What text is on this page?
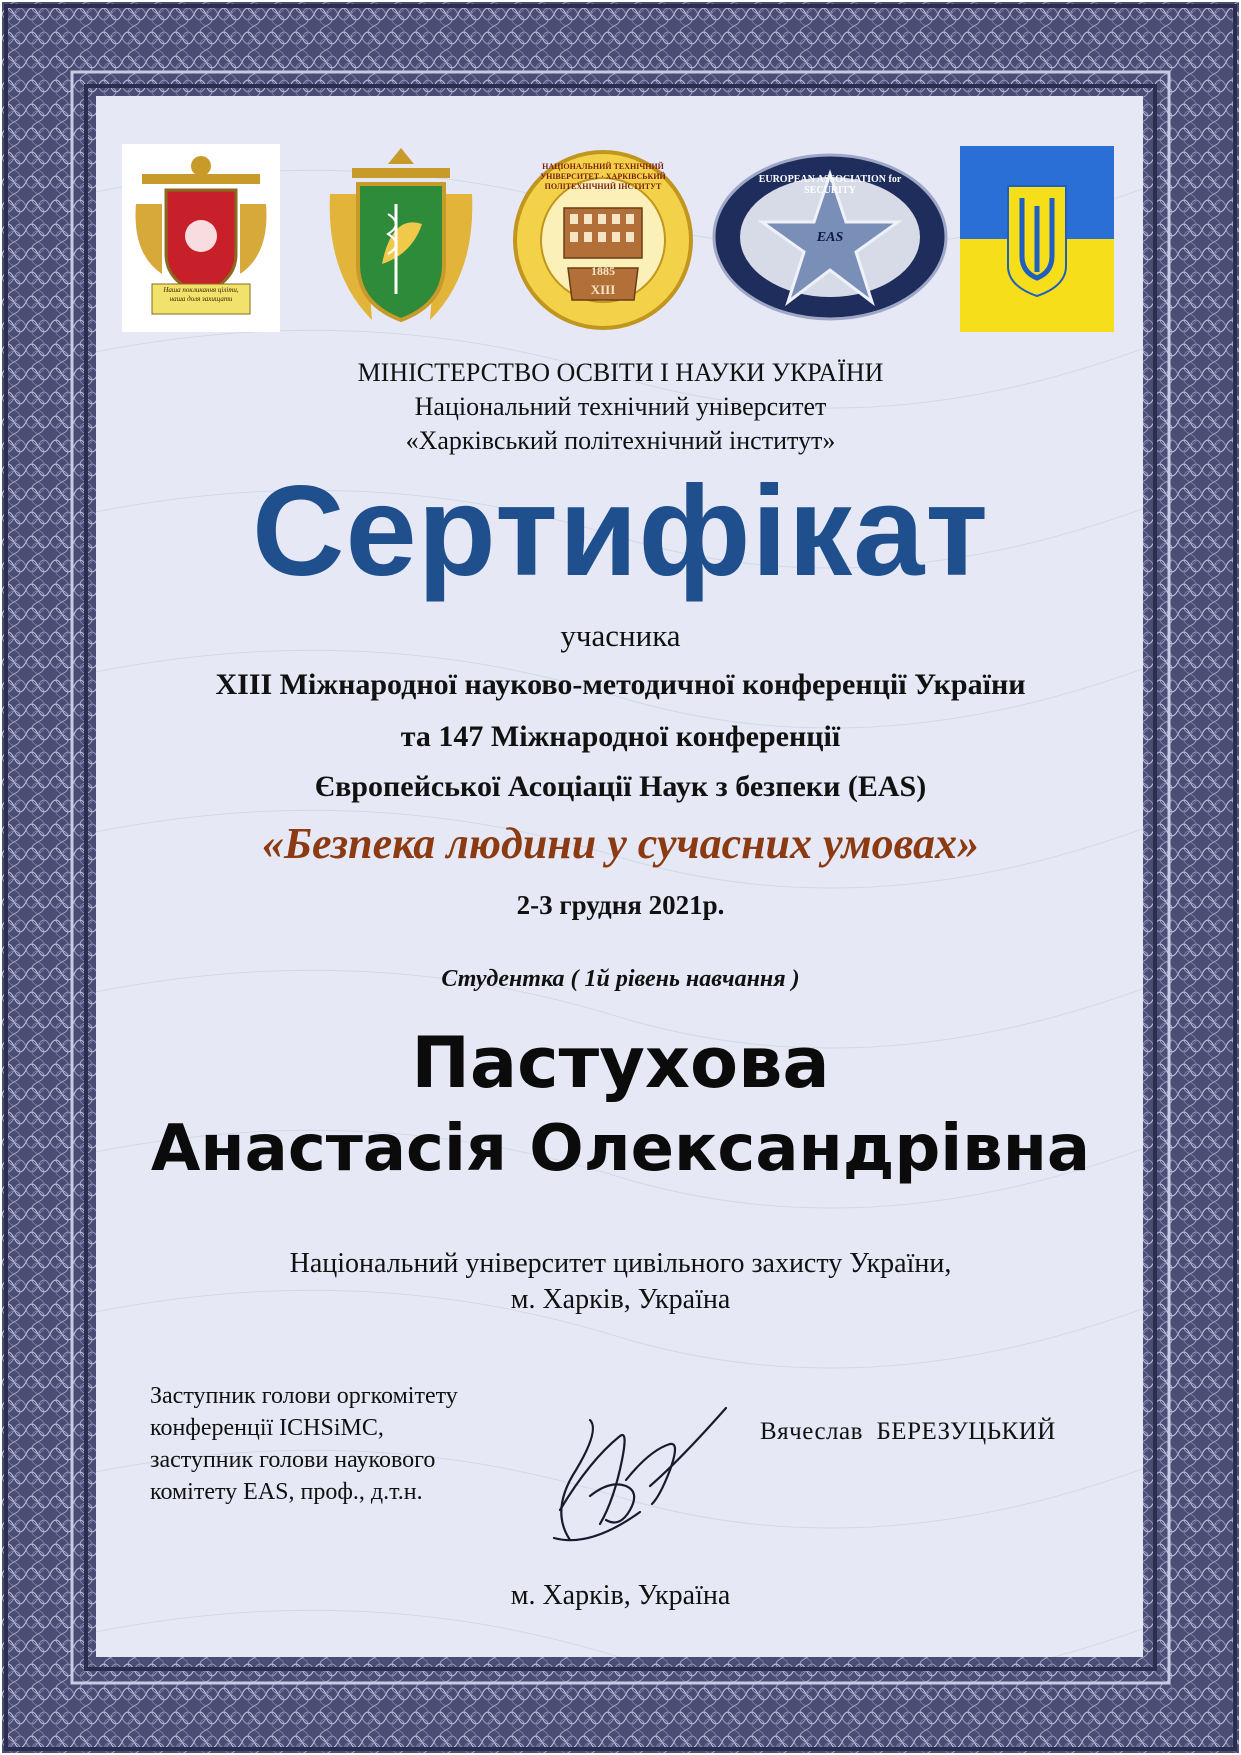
Наша покликання ціліти, наша доля захищати
НАЦІОНАЛЬНИЙ ТЕХНІЧНИЙ УНІВЕРСИТЕТ · ХАРКІВСЬКИЙ ПОЛІТЕХНІЧНИЙ ІНСТИТУТ
1885
XIII
EUROPEAN ASSOCIATION for SECURITY
EAS
МІНІСТЕРСТВО ОСВІТИ І НАУКИ УКРАЇНИ
Національний технічний університет
«Харківський політехнічний інститут»
Сертифікат
учасника
XIII Міжнародної науково-методичної конференції України
та 147 Міжнародної конференції
Європейської Асоціації Наук з безпеки (EAS)
«Безпека людини у сучасних умовах»
2-3 грудня 2021р.
Студентка ( 1й рівень навчання )
Пастухова
Анастасія Олександрівна
Національний університет цивільного захисту України,
м. Харків, Україна
Заступник голови оргкомітету
конференції ICHSiMC,
заступник голови наукового
комітету EAS, проф., д.т.н.
Вячеслав  БЕРЕЗУЦЬКИЙ
м. Харків, Україна
